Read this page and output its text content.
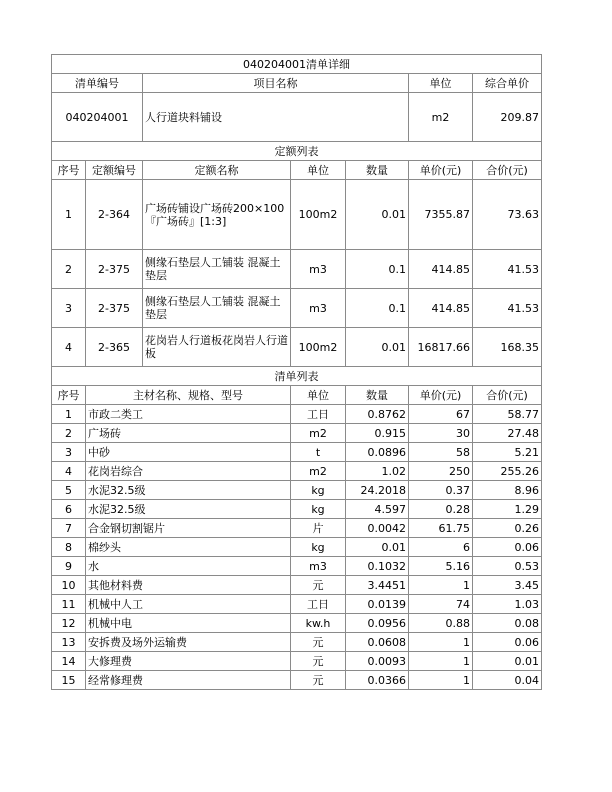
040204001清单详细						
清单编号		项目名称			单位	综合单价
040204001		人行道块料铺设			m2	209.87
定额列表						
序号	定额编号	定额名称	单位	数量	单价(元)	合价(元)
1	2-364	广场砖铺设广场砖200×100『广场砖』[1:3]	100m2	0.01	7355.87	73.63
2	2-375	侧缘石垫层人工铺装 混凝土垫层	m3	0.1	414.85	41.53
3	2-375	侧缘石垫层人工铺装 混凝土垫层	m3	0.1	414.85	41.53
4	2-365	花岗岩人行道板花岗岩人行道板	100m2	0.01	16817.66	168.35
清单列表						
序号	主材名称、规格、型号		单位	数量	单价(元)	合价(元)
1	市政二类工		工日	0.8762	67	58.77
2	广场砖		m2	0.915	30	27.48
3	中砂		t	0.0896	58	5.21
4	花岗岩综合		m2	1.02	250	255.26
5	水泥32.5级		kg	24.2018	0.37	8.96
6	水泥32.5级		kg	4.597	0.28	1.29
7	合金钢切割锯片		片	0.0042	61.75	0.26
8	棉纱头		kg	0.01	6	0.06
9	水		m3	0.1032	5.16	0.53
10	其他材料费		元	3.4451	1	3.45
11	机械中人工		工日	0.0139	74	1.03
12	机械中电		kw.h	0.0956	0.88	0.08
13	安拆费及场外运输费		元	0.0608	1	0.06
14	大修理费		元	0.0093	1	0.01
15	经常修理费		元	0.0366	1	0.04
